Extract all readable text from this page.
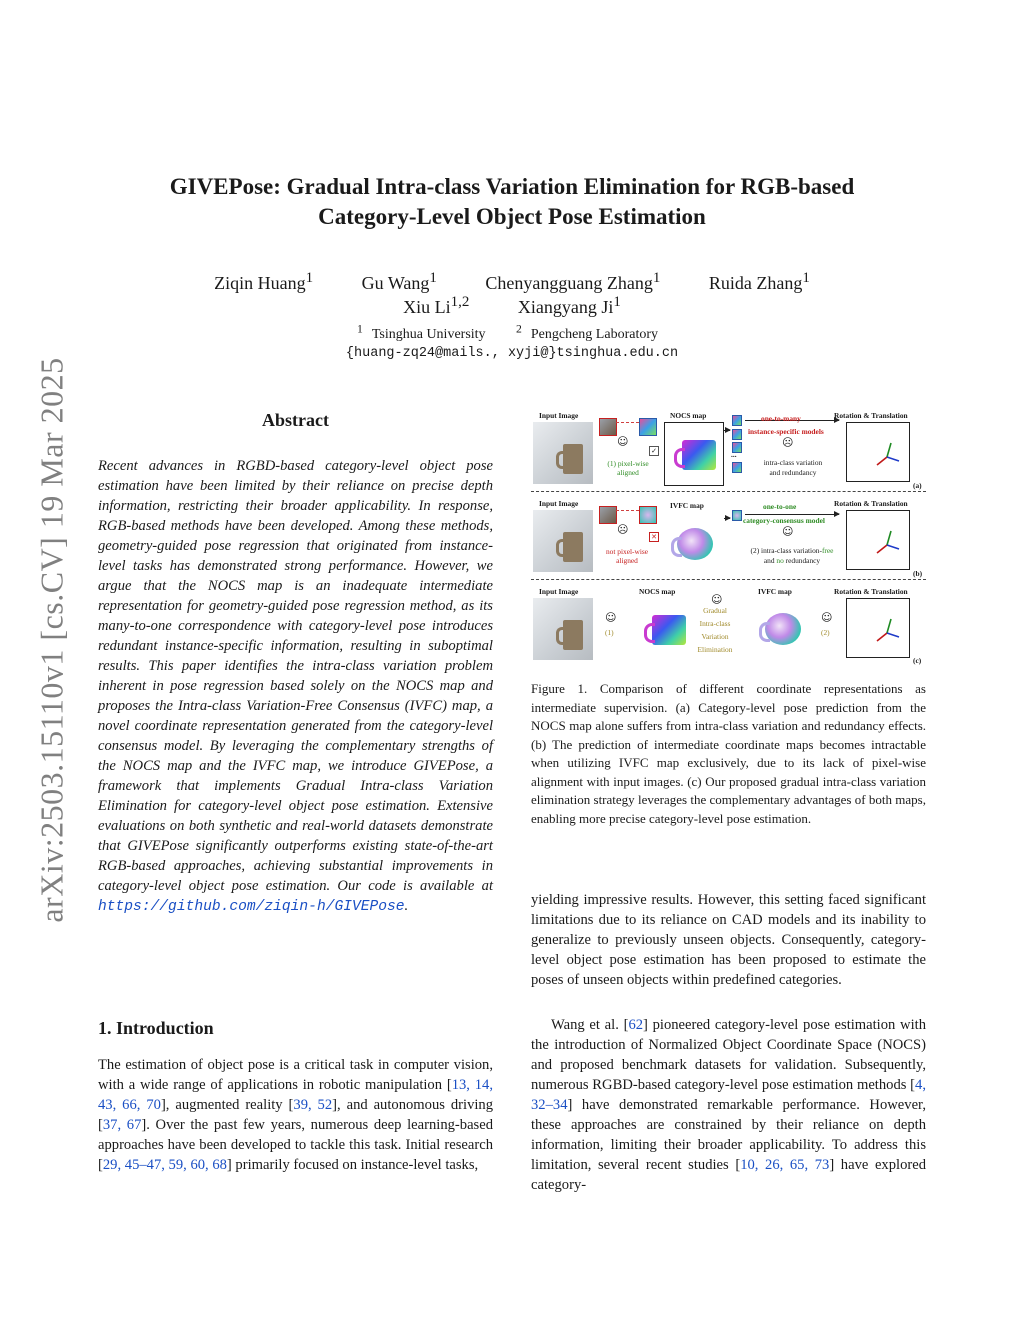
arXiv:2503.15110v1 [cs.CV] 19 Mar 2025
GIVEPose: Gradual Intra-class Variation Elimination for RGB-based
Category-Level Object Pose Estimation
Ziqin Huang$^1$	Gu Wang$^1$	Chenyangguang Zhang$^1$	Ruida Zhang$^1$
Xiu Li$^{1,2}$	Xiangyang Ji$^1$
$^1$ Tsinghua University	$^2$ Pengcheng Laboratory
{huang-zq24@mails., xyji@}tsinghua.edu.cn
Abstract
Recent advances in RGBD-based category-level object pose estimation have been limited by their reliance on precise depth information, restricting their broader applicability. In response, RGB-based methods have been developed. Among these methods, geometry-guided pose regression that originated from instance-level tasks has demonstrated strong performance. However, we argue that the NOCS map is an inadequate intermediate representation for geometry-guided pose regression method, as its many-to-one correspondence with category-level pose introduces redundant instance-specific information, resulting in suboptimal results. This paper identifies the intra-class variation problem inherent in pose regression based solely on the NOCS map and proposes the Intra-class Variation-Free Consensus (IVFC) map, a novel coordinate representation generated from the category-level consensus model. By leveraging the complementary strengths of the NOCS map and the IVFC map, we introduce GIVEPose, a framework that implements Gradual Intra-class Variation Elimination for category-level object pose estimation. Extensive evaluations on both synthetic and real-world datasets demonstrate that GIVEPose significantly outperforms existing state-of-the-art RGB-based approaches, achieving substantial improvements in category-level object pose estimation. Our code is available at https://github.com/ziqin-h/GIVEPose.
1. Introduction
The estimation of object pose is a critical task in computer vision, with a wide range of applications in robotic manipulation [13, 14, 43, 66, 70], augmented reality [39, 52], and autonomous driving [37, 67]. Over the past few years, numerous deep learning-based approaches have been developed to tackle this task. Initial research [29, 45–47, 59, 60, 68] primarily focused on instance-level tasks,
Input Image	NOCS map	Rotation & Translation
☺
✓
(1) pixel-wise
aligned
...
one-to-many
instance-specific models
☹
intra-class variation
and redundancy
(a)
Input Image	IVFC map	Rotation & Translation
☹
✕
not pixel-wise
aligned
one-to-one
category-consensus model
☺
(2) intra-class variation-free
and no redundancy
(b)
Input Image	NOCS map	IVFC map	Rotation & Translation
☺
(1)
☺
Gradual
Intra-class
Variation
Elimination
☺
(2)
(c)
Figure 1. Comparison of different coordinate representations as intermediate supervision. (a) Category-level pose prediction from the NOCS map alone suffers from intra-class variation and redundancy effects. (b) The prediction of intermediate coordinate maps becomes intractable when utilizing IVFC map exclusively, due to its lack of pixel-wise alignment with input images. (c) Our proposed gradual intra-class variation elimination strategy leverages the complementary advantages of both maps, enabling more precise category-level pose estimation.
yielding impressive results. However, this setting faced significant limitations due to its reliance on CAD models and its inability to generalize to previously unseen objects. Consequently, category-level object pose estimation has been proposed to estimate the poses of unseen objects within predefined categories.
Wang et al. [62] pioneered category-level pose estimation with the introduction of Normalized Object Coordinate Space (NOCS) and proposed benchmark datasets for validation. Subsequently, numerous RGBD-based category-level pose estimation methods [4, 32–34] have demonstrated remarkable performance. However, these approaches are constrained by their reliance on depth information, limiting their broader applicability. To address this limitation, several recent studies [10, 26, 65, 73] have explored category-
